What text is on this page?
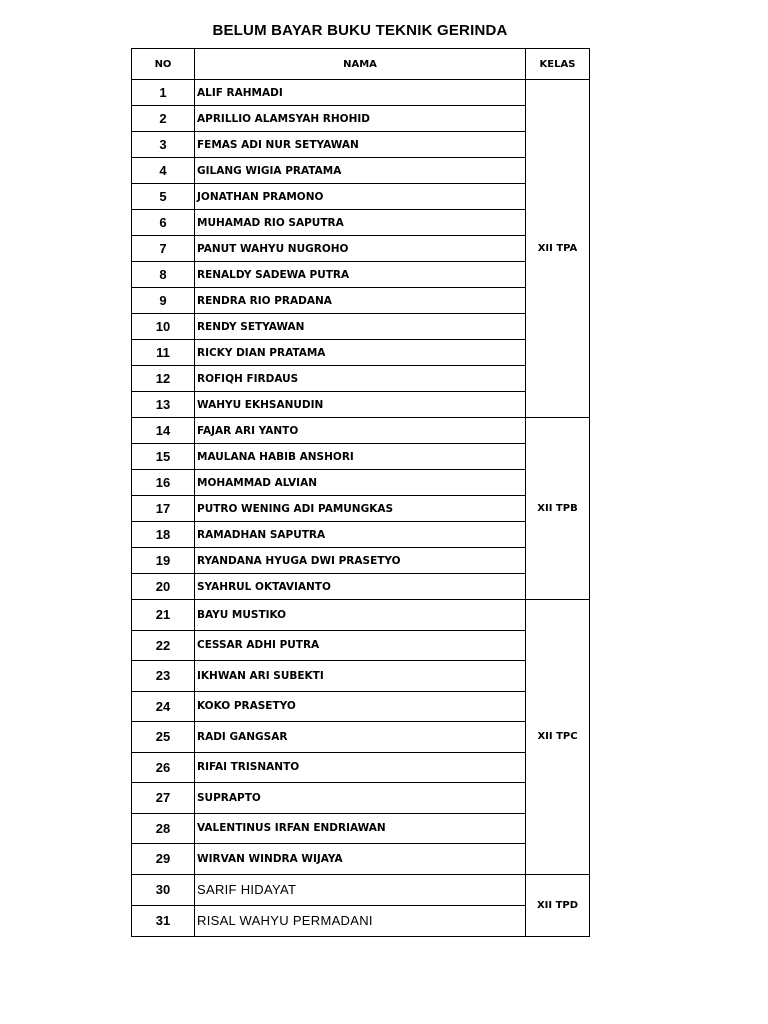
BELUM BAYAR BUKU TEKNIK GERINDA
NO	NAMA	KELAS
1	ALIF RAHMADI	XII TPA
2	APRILLIO ALAMSYAH RHOHID	
3	FEMAS ADI NUR SETYAWAN	
4	GILANG WIGIA PRATAMA	
5	JONATHAN PRAMONO	
6	MUHAMAD RIO SAPUTRA	
7	PANUT WAHYU NUGROHO	
8	RENALDY SADEWA PUTRA	
9	RENDRA RIO PRADANA	
10	RENDY SETYAWAN	
11	RICKY DIAN PRATAMA	
12	ROFIQH FIRDAUS	
13	WAHYU EKHSANUDIN	
14	FAJAR ARI YANTO	XII TPB
15	MAULANA HABIB ANSHORI	
16	MOHAMMAD ALVIAN	
17	PUTRO WENING ADI PAMUNGKAS	
18	RAMADHAN SAPUTRA	
19	RYANDANA HYUGA DWI PRASETYO	
20	SYAHRUL OKTAVIANTO	
21	BAYU MUSTIKO	XII TPC
22	CESSAR ADHI PUTRA	
23	IKHWAN ARI SUBEKTI	
24	KOKO PRASETYO	
25	RADI GANGSAR	
26	RIFAI TRISNANTO	
27	SUPRAPTO	
28	VALENTINUS IRFAN ENDRIAWAN	
29	WIRVAN WINDRA WIJAYA	
30	SARIF HIDAYAT	XII TPD
31	RISAL WAHYU PERMADANI	
